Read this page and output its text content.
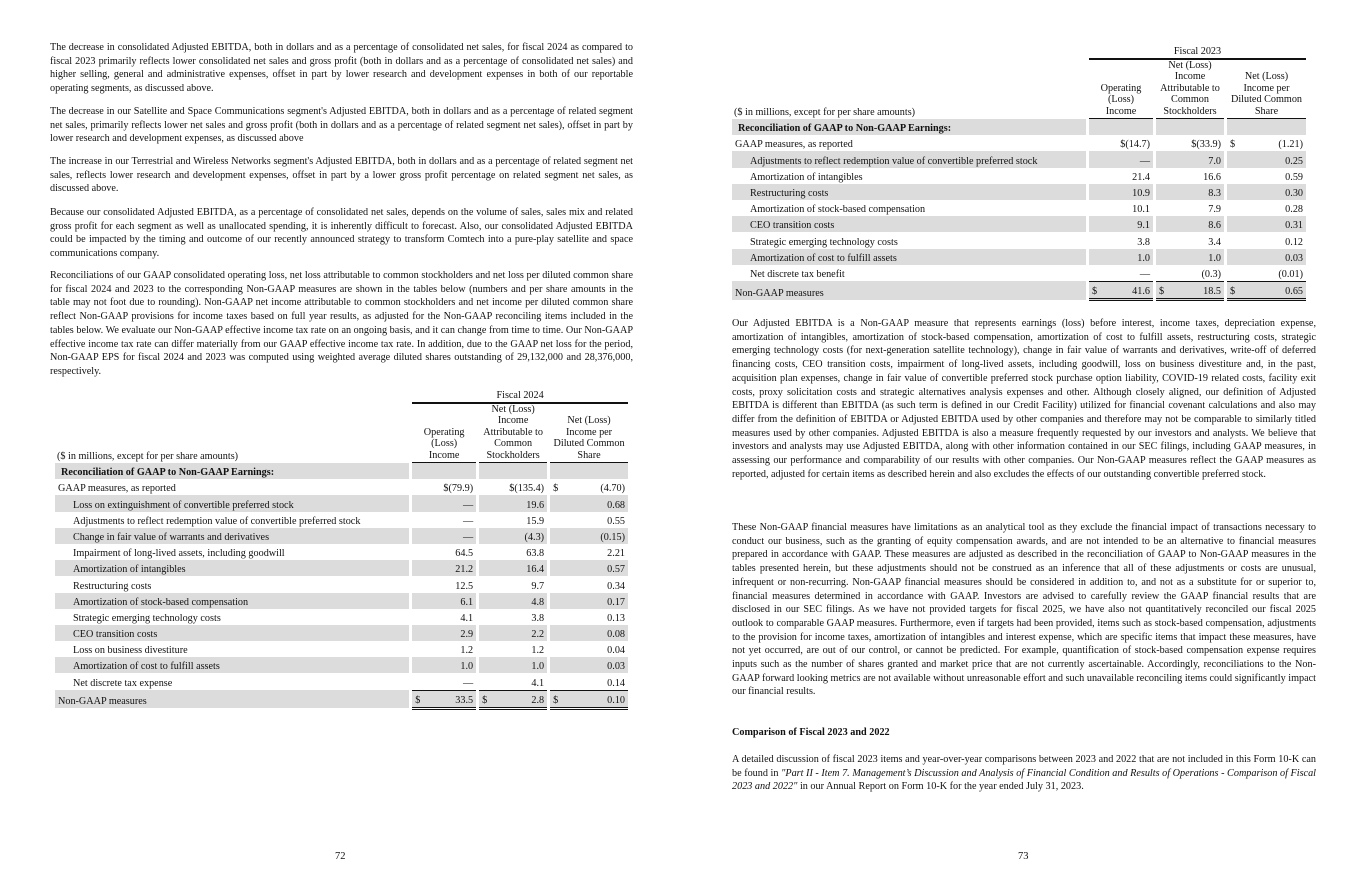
The decrease in consolidated Adjusted EBITDA, both in dollars and as a percentage of consolidated net sales, for fiscal 2024 as compared to fiscal 2023 primarily reflects lower consolidated net sales and gross profit (both in dollars and as a percentage of consolidated net sales) and higher selling, general and administrative expenses, offset in part by lower research and development expenses in both of our reportable operating segments, as discussed above.

The decrease in our Satellite and Space Communications segment's Adjusted EBITDA, both in dollars and as a percentage of related segment net sales, primarily reflects lower net sales and gross profit (both in dollars and as a percentage of related segment net sales), offset in part by lower research and development expenses, as discussed above

The increase in our Terrestrial and Wireless Networks segment's Adjusted EBITDA, both in dollars and as a percentage of related segment net sales, reflects lower research and development expenses, offset in part by a lower gross profit percentage on related segment net sales, as discussed above.

Because our consolidated Adjusted EBITDA, as a percentage of consolidated net sales, depends on the volume of sales, sales mix and related gross profit for each segment as well as unallocated spending, it is inherently difficult to forecast. Also, our consolidated Adjusted EBITDA could be impacted by the timing and outcome of our recently announced strategy to transform Comtech into a pure-play satellite and space communications company.

Reconciliations of our GAAP consolidated operating loss, net loss attributable to common stockholders and net loss per diluted common share for fiscal 2024 and 2023 to the corresponding Non-GAAP measures are shown in the tables below (numbers and per share amounts in the table may not foot due to rounding). Non-GAAP net income attributable to common stockholders and net income per diluted common share reflect Non-GAAP provisions for income taxes based on full year results, as adjusted for the Non-GAAP reconciling items included in the tables below. We evaluate our Non-GAAP effective income tax rate on an ongoing basis, and it can change from time to time. Our Non-GAAP effective income tax rate can differ materially from our GAAP effective income tax rate. In addition, due to the GAAP net loss for the period, Non-GAAP EPS for fiscal 2024 and 2023 was computed using weighted average diluted shares outstanding of 29,132,000 and 28,376,000, respectively.

		Fiscal 2024				
($ in millions, except for per share amounts)		Operating (Loss) Income		Net (Loss) Income Attributable to Common Stockholders		Net (Loss) Income per Diluted Common Share
Reconciliation of GAAP to Non-GAAP Earnings:						
GAAP measures, as reported		$(79.9)		$(135.4)		$ (4.70)
Loss on extinguishment of convertible preferred stock		—		19.6		0.68
Adjustments to reflect redemption value of convertible preferred stock		—		15.9		0.55
Change in fair value of warrants and derivatives		—		(4.3)		(0.15)
Impairment of long-lived assets, including goodwill		64.5		63.8		2.21
Amortization of intangibles		21.2		16.4		0.57
Restructuring costs		12.5		9.7		0.34
Amortization of stock-based compensation		6.1		4.8		0.17
Strategic emerging technology costs		4.1		3.8		0.13
CEO transition costs		2.9		2.2		0.08
Loss on business divestiture		1.2		1.2		0.04
Amortization of cost to fulfill assets		1.0		1.0		0.03
Net discrete tax expense		—		4.1		0.14
Non-GAAP measures		$ 33.5		$ 2.8		$ 0.10
72
		Fiscal 2023				
($ in millions, except for per share amounts)		Operating (Loss) Income		Net (Loss) Income Attributable to Common Stockholders		Net (Loss) Income per Diluted Common Share
Reconciliation of GAAP to Non-GAAP Earnings:						
GAAP measures, as reported		$(14.7)		$(33.9)		$ (1.21)
Adjustments to reflect redemption value of convertible preferred stock		—		7.0		0.25
Amortization of intangibles		21.4		16.6		0.59
Restructuring costs		10.9		8.3		0.30
Amortization of stock-based compensation		10.1		7.9		0.28
CEO transition costs		9.1		8.6		0.31
Strategic emerging technology costs		3.8		3.4		0.12
Amortization of cost to fulfill assets		1.0		1.0		0.03
Net discrete tax benefit		—		(0.3)		(0.01)
Non-GAAP measures		$ 41.6		$ 18.5		$ 0.65

Our Adjusted EBITDA is a Non-GAAP measure that represents earnings (loss) before interest, income taxes, depreciation expense, amortization of intangibles, amortization of stock-based compensation, amortization of cost to fulfill assets, restructuring costs, strategic emerging technology costs (for next-generation satellite technology), change in fair value of warrants and derivatives, write-off of deferred financing costs, CEO transition costs, impairment of long-lived assets, including goodwill, loss on business divestiture and, in the past, acquisition plan expenses, change in fair value of convertible preferred stock purchase option liability, COVID-19 related costs, facility exit costs, proxy solicitation costs and strategic alternatives analysis expenses and other. Although closely aligned, our definition of Adjusted EBITDA is different than EBITDA (as such term is defined in our Credit Facility) utilized for financial covenant calculations and also may differ from the definition of EBITDA or Adjusted EBITDA used by other companies and therefore may not be comparable to similarly titled measures used by other companies. Adjusted EBITDA is also a measure frequently requested by our investors and analysts. We believe that investors and analysts may use Adjusted EBITDA, along with other information contained in our SEC filings, including GAAP measures, in assessing our performance and comparability of our results with other companies. Our Non-GAAP measures reflect the GAAP measures as reported, adjusted for certain items as described herein and also excludes the effects of our outstanding convertible preferred stock.

These Non-GAAP financial measures have limitations as an analytical tool as they exclude the financial impact of transactions necessary to conduct our business, such as the granting of equity compensation awards, and are not intended to be an alternative to financial measures prepared in accordance with GAAP. These measures are adjusted as described in the reconciliation of GAAP to Non-GAAP measures in the tables presented herein, but these adjustments should not be construed as an inference that all of these adjustments or costs are unusual, infrequent or non-recurring. Non-GAAP financial measures should be considered in addition to, and not as a substitute for or superior to, financial measures determined in accordance with GAAP. Investors are advised to carefully review the GAAP financial results that are disclosed in our SEC filings. As we have not provided targets for fiscal 2025, we have also not quantitatively reconciled our fiscal 2025 outlook to comparable GAAP measures. Furthermore, even if targets had been provided, items such as stock-based compensation, adjustments to the provision for income taxes, amortization of intangibles and interest expense, which are specific items that impact these measures, have not yet occurred, are out of our control, or cannot be predicted. For example, quantification of stock-based compensation expense requires inputs such as the number of shares granted and market price that are not currently ascertainable. Accordingly, reconciliations to the Non-GAAP forward looking metrics are not available without unreasonable effort and such unavailable reconciling items could significantly impact our financial results.

Comparison of Fiscal 2023 and 2022

A detailed discussion of fiscal 2023 items and year-over-year comparisons between 2023 and 2022 that are not included in this Form 10-K can be found in "Part II - Item 7. Management’s Discussion and Analysis of Financial Condition and Results of Operations - Comparison of Fiscal 2023 and 2022" in our Annual Report on Form 10-K for the year ended July 31, 2023.

73
